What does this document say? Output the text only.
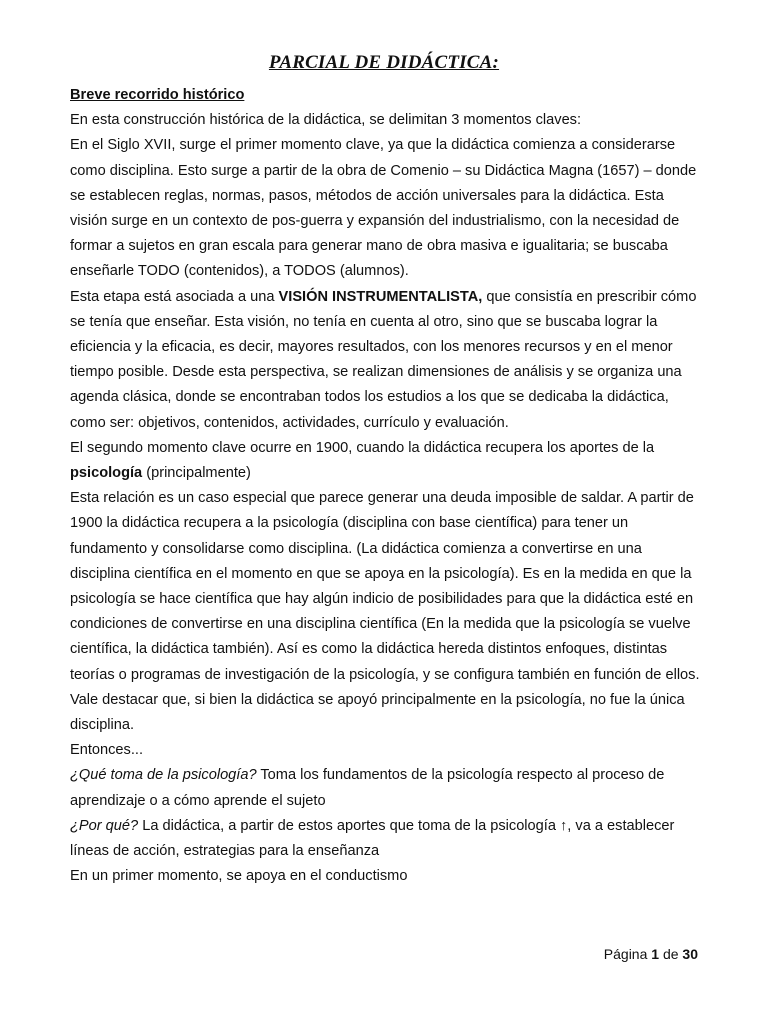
PARCIAL DE DIDÁCTICA:

Breve recorrido histórico

En esta construcción histórica de la didáctica, se delimitan 3 momentos claves:

En el Siglo XVII, surge el primer momento clave, ya que la didáctica comienza a considerarse como disciplina. Esto surge a partir de la obra de Comenio – su Didáctica Magna (1657) – donde se establecen reglas, normas, pasos, métodos de acción universales para la didáctica. Esta visión surge en un contexto de pos-guerra y expansión del industrialismo, con la necesidad de formar a sujetos en gran escala para generar mano de obra masiva e igualitaria; se buscaba enseñarle TODO (contenidos), a TODOS (alumnos).

Esta etapa está asociada a una VISIÓN INSTRUMENTALISTA, que consistía en prescribir cómo se tenía que enseñar. Esta visión, no tenía en cuenta al otro, sino que se buscaba lograr la eficiencia y la eficacia, es decir, mayores resultados, con los menores recursos y en el menor tiempo posible. Desde esta perspectiva, se realizan dimensiones de análisis y se organiza una agenda clásica, donde se encontraban todos los estudios a los que se dedicaba la didáctica, como ser: objetivos, contenidos, actividades, currículo y evaluación.

El segundo momento clave ocurre en 1900, cuando la didáctica recupera los aportes de la psicología (principalmente)

Esta relación es un caso especial que parece generar una deuda imposible de saldar. A partir de 1900 la didáctica recupera a la psicología (disciplina con base científica) para tener un fundamento y consolidarse como disciplina. (La didáctica comienza a convertirse en una disciplina científica en el momento en que se apoya en la psicología). Es en la medida en que la psicología se hace científica que hay algún indicio de posibilidades para que la didáctica esté en condiciones de convertirse en una disciplina científica (En la medida que la psicología se vuelve científica, la didáctica también). Así es como la didáctica hereda distintos enfoques, distintas teorías o programas de investigación de la psicología, y se configura también en función de ellos.

Vale destacar que, si bien la didáctica se apoyó principalmente en la psicología, no fue la única disciplina.

Entonces...

¿Qué toma de la psicología? Toma los fundamentos de la psicología respecto al proceso de aprendizaje o a cómo aprende el sujeto

¿Por qué? La didáctica, a partir de estos aportes que toma de la psicología ↑, va a establecer líneas de acción, estrategias para la enseñanza

En un primer momento, se apoya en el conductismo

Página 1 de 30
